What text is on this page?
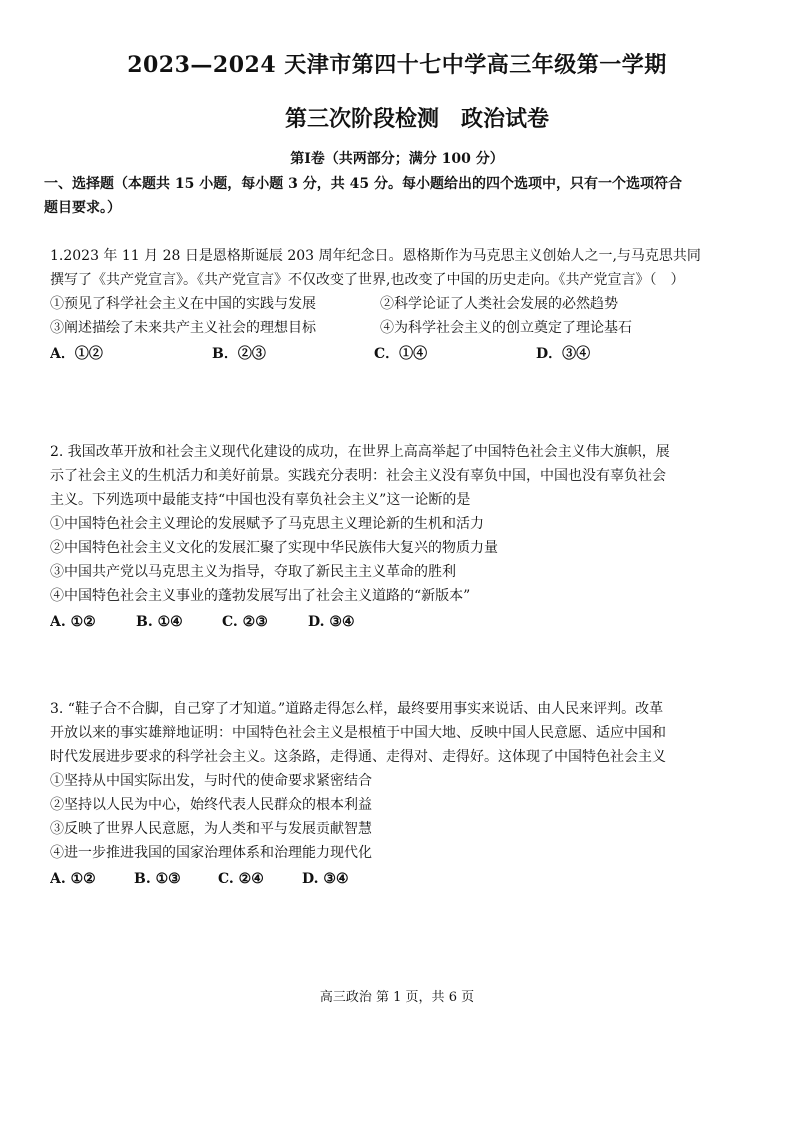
2023—2024 天津市第四十七中学高三年级第一学期
第三次阶段检测　政治试卷
第Ⅰ卷（共两部分；满分 100 分）
一、选择题（本题共 15 小题，每小题 3 分，共 45 分。每小题给出的四个选项中，只有一个选项符合
题目要求。）
1.2023 年 11 月 28 日是恩格斯诞辰 203 周年纪念日。恩格斯作为马克思主义创始人之一,与马克思共同
撰写了《共产党宣言》。《共产党宣言》不仅改变了世界,也改变了中国的历史走向。《共产党宣言》（　）
①预见了科学社会主义在中国的实践与发展	②科学论证了人类社会发展的必然趋势
③阐述描绘了未来共产主义社会的理想目标	④为科学社会主义的创立奠定了理论基石
A．①②	B．②③	C．①④	D．③④
2. 我国改革开放和社会主义现代化建设的成功，在世界上高高举起了中国特色社会主义伟大旗帜，展
示了社会主义的生机活力和美好前景。实践充分表明：社会主义没有辜负中国，中国也没有辜负社会
主义。下列选项中最能支持“中国也没有辜负社会主义”这一论断的是
①中国特色社会主义理论的发展赋予了马克思主义理论新的生机和活力
②中国特色社会主义文化的发展汇聚了实现中华民族伟大复兴的物质力量
③中国共产党以马克思主义为指导，夺取了新民主主义革命的胜利
④中国特色社会主义事业的蓬勃发展写出了社会主义道路的“新版本”
A. ①②	B. ①④	C. ②③	D. ③④
3. “鞋子合不合脚，自己穿了才知道。”道路走得怎么样，最终要用事实来说话、由人民来评判。改革
开放以来的事实雄辩地证明：中国特色社会主义是根植于中国大地、反映中国人民意愿、适应中国和
时代发展进步要求的科学社会主义。这条路，走得通、走得对、走得好。这体现了中国特色社会主义
①坚持从中国实际出发，与时代的使命要求紧密结合
②坚持以人民为中心，始终代表人民群众的根本利益
③反映了世界人民意愿，为人类和平与发展贡献智慧
④进一步推进我国的国家治理体系和治理能力现代化
A. ①②	B. ①③	C. ②④	D. ③④
高三政治 第 1 页，共 6 页
